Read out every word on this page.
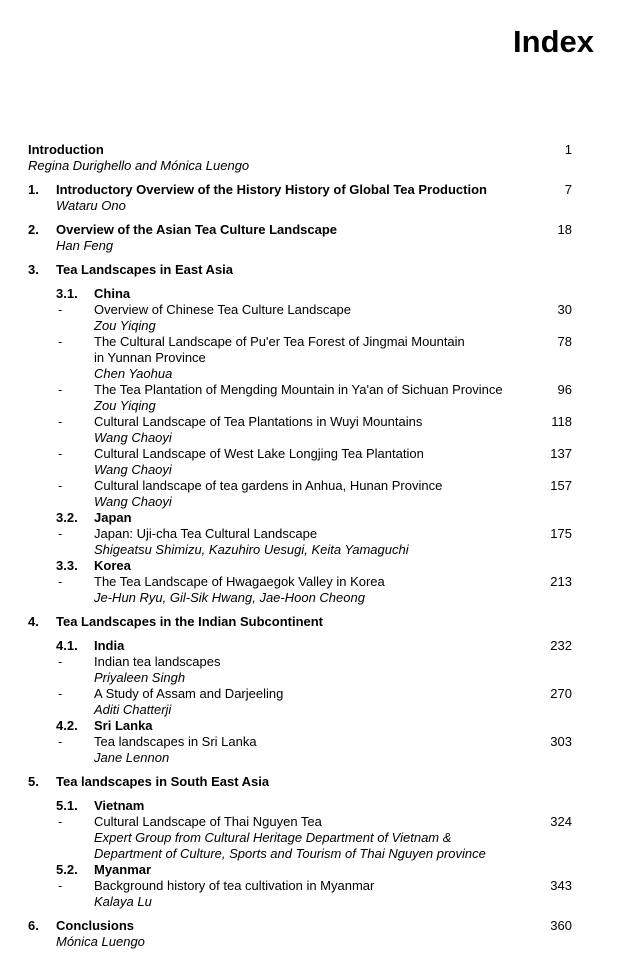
Index
Introduction	1
Regina Durighello and Mónica Luengo
1. Introductory Overview of the History History of Global Tea Production	7
Wataru Ono
2. Overview of the Asian Tea Culture Landscape	18
Han Feng
3. Tea Landscapes in East Asia
3.1. China
- Overview of Chinese Tea Culture Landscape	30
Zou Yiqing
- The Cultural Landscape of Pu'er Tea Forest of Jingmai Mountain	78
in Yunnan Province
Chen Yaohua
- The Tea Plantation of Mengding Mountain in Ya'an of Sichuan Province	96
Zou Yiqing
- Cultural Landscape of Tea Plantations in Wuyi Mountains	118
Wang Chaoyi
- Cultural Landscape of West Lake Longjing Tea Plantation	137
Wang Chaoyi
- Cultural landscape of tea gardens in Anhua, Hunan Province	157
Wang Chaoyi
3.2. Japan
- Japan: Uji-cha Tea Cultural Landscape	175
Shigeatsu Shimizu, Kazuhiro Uesugi, Keita Yamaguchi
3.3. Korea
- The Tea Landscape of Hwagaegok Valley in Korea	213
Je-Hun Ryu, Gil-Sik Hwang, Jae-Hoon Cheong
4. Tea Landscapes in the Indian Subcontinent
4.1. India	232
- Indian tea landscapes
Priyaleen Singh
- A Study of Assam and Darjeeling	270
Aditi Chatterji
4.2. Sri Lanka
- Tea landscapes in Sri Lanka	303
Jane Lennon
5. Tea landscapes in South East Asia
5.1. Vietnam
- Cultural Landscape of Thai Nguyen Tea	324
Expert Group from Cultural Heritage Department of Vietnam &
Department of Culture, Sports and Tourism of Thai Nguyen province
5.2. Myanmar
- Background history of tea cultivation in Myanmar	343
Kalaya Lu
6. Conclusions	360
Mónica Luengo
